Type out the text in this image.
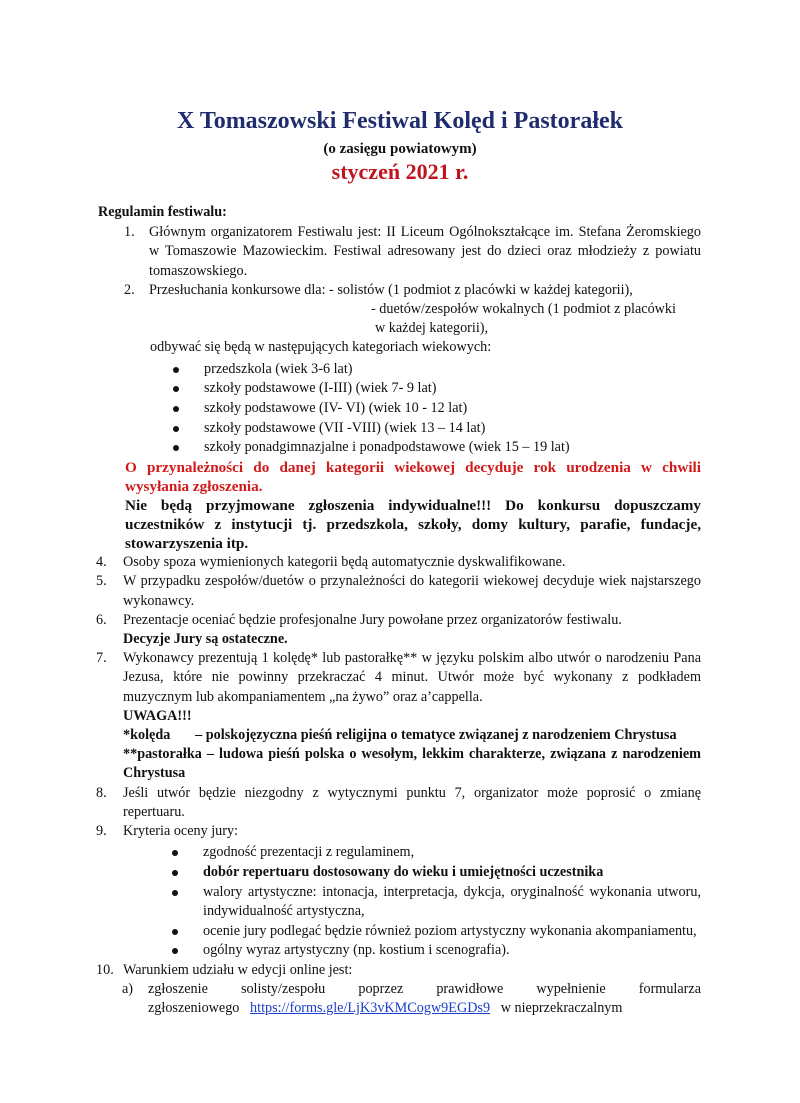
X Tomaszowski Festiwal Kolęd i Pastorałek
(o zasięgu powiatowym)
styczeń 2021 r.
Regulamin festiwalu:
1. Głównym organizatorem Festiwalu jest: II Liceum Ogólnokształcące im. Stefana Żeromskiego w Tomaszowie Mazowieckim. Festiwal adresowany jest do dzieci oraz młodzieży z powiatu tomaszowskiego.
2. Przesłuchania konkursowe dla: - solistów (1 podmiot z placówki w każdej kategorii),
- duetów/zespołów wokalnych (1 podmiot z placówki
w każdej kategorii),
odbywać się będą w następujących kategoriach wiekowych:
przedszkola (wiek 3-6 lat)
szkoły podstawowe (I-III) (wiek 7- 9 lat)
szkoły podstawowe (IV- VI) (wiek 10 - 12 lat)
szkoły podstawowe (VII -VIII) (wiek 13 – 14 lat)
szkoły ponadgimnazjalne i ponadpodstawowe (wiek 15 – 19 lat)
O przynależności do danej kategorii wiekowej decyduje rok urodzenia w chwili wysyłania zgłoszenia.
Nie będą przyjmowane zgłoszenia indywidualne!!! Do konkursu dopuszczamy uczestników z instytucji tj. przedszkola, szkoły, domy kultury, parafie, fundacje, stowarzyszenia itp.
4. Osoby spoza wymienionych kategorii będą automatycznie dyskwalifikowane.
5. W przypadku zespołów/duetów o przynależności do kategorii wiekowej decyduje wiek najstarszego wykonawcy.
6. Prezentacje oceniać będzie profesjonalne Jury powołane przez organizatorów festiwalu.
Decyzje Jury są ostateczne.
7. Wykonawcy prezentują 1 kolędę* lub pastorałkę** w języku polskim albo utwór o narodzeniu Pana Jezusa, które nie powinny przekraczać 4 minut. Utwór może być wykonany z podkładem muzycznym lub akompaniamentem „na żywo” oraz a’cappella.
UWAGA!!!
*kolęda – polskojęzyczna pieśń religijna o tematyce związanej z narodzeniem Chrystusa
**pastorałka – ludowa pieśń polska o wesołym, lekkim charakterze, związana z narodzeniem Chrystusa
8. Jeśli utwór będzie niezgodny z wytycznymi punktu 7, organizator może poprosić o zmianę repertuaru.
9. Kryteria oceny jury:
zgodność prezentacji z regulaminem,
dobór repertuaru dostosowany do wieku i umiejętności uczestnika
walory artystyczne: intonacja, interpretacja, dykcja, oryginalność wykonania utworu, indywidualność artystyczna,
ocenie jury podlegać będzie również poziom artystyczny wykonania akompaniamentu,
ogólny wyraz artystyczny (np. kostium i scenografia).
10. Warunkiem udziału w edycji online jest:
a) zgłoszenie solisty/zespołu poprzez prawidłowe wypełnienie formularza zgłoszeniowego https://forms.gle/LjK3vKMCogw9EGDs9 w nieprzekraczalnym
